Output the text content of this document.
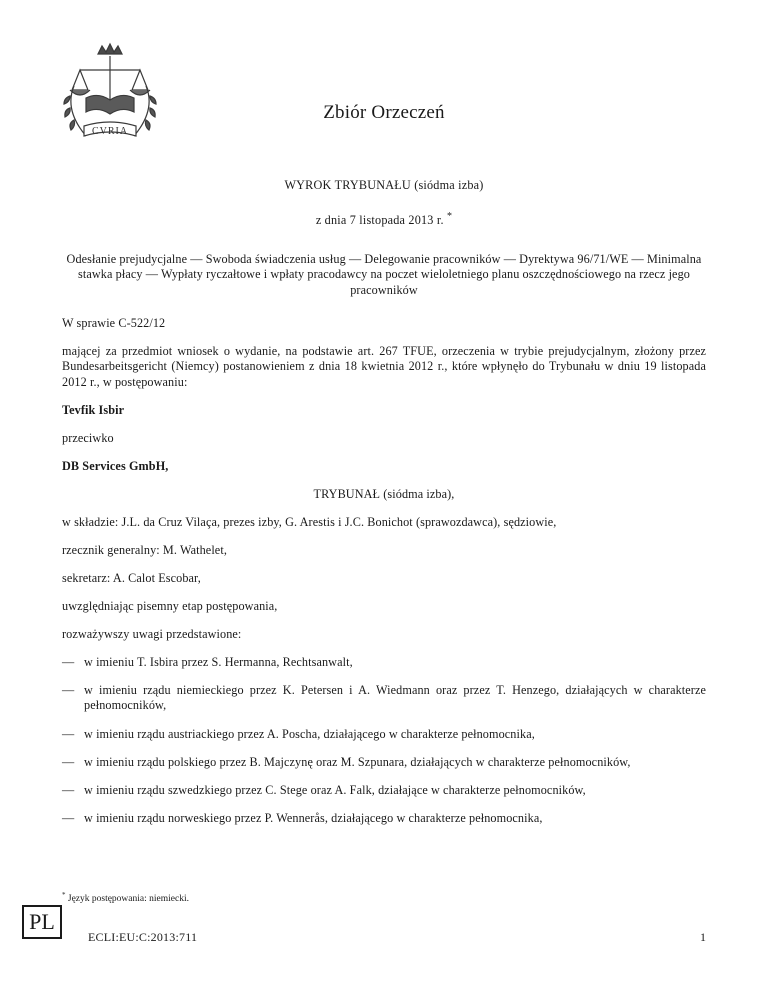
CVRIA
Zbiór Orzeczeń
WYROK TRYBUNAŁU (siódma izba)
z dnia 7 listopada 2013 r. *
Odesłanie prejudycjalne — Swoboda świadczenia usług — Delegowanie pracowników — Dyrektywa 96/71/WE — Minimalna stawka płacy — Wypłaty ryczałtowe i wpłaty pracodawcy na poczet wieloletniego planu oszczędnościowego na rzecz jego pracowników
W sprawie C-522/12
mającej za przedmiot wniosek o wydanie, na podstawie art. 267 TFUE, orzeczenia w trybie prejudycjalnym, złożony przez Bundesarbeitsgericht (Niemcy) postanowieniem z dnia 18 kwietnia 2012 r., które wpłynęło do Trybunału w dniu 19 listopada 2012 r., w postępowaniu:
Tevfik Isbir
przeciwko
DB Services GmbH,
TRYBUNAŁ (siódma izba),
w składzie: J.L. da Cruz Vilaça, prezes izby, G. Arestis i J.C. Bonichot (sprawozdawca), sędziowie,
rzecznik generalny: M. Wathelet,
sekretarz: A. Calot Escobar,
uwzględniając pisemny etap postępowania,
rozważywszy uwagi przedstawione:
* Język postępowania: niemiecki.
PL
ECLI:EU:C:2013:711	1
— w imieniu T. Isbira przez S. Hermanna, Rechtsanwalt,
— w imieniu rządu niemieckiego przez K. Petersen i A. Wiedmann oraz przez T. Henzego, działających w charakterze pełnomocników,
— w imieniu rządu austriackiego przez A. Poscha, działającego w charakterze pełnomocnika,
— w imieniu rządu polskiego przez B. Majczynę oraz M. Szpunara, działających w charakterze pełnomocników,
— w imieniu rządu szwedzkiego przez C. Stege oraz A. Falk, działające w charakterze pełnomocników,
— w imieniu rządu norweskiego przez P. Wennerås, działającego w charakterze pełnomocnika,
